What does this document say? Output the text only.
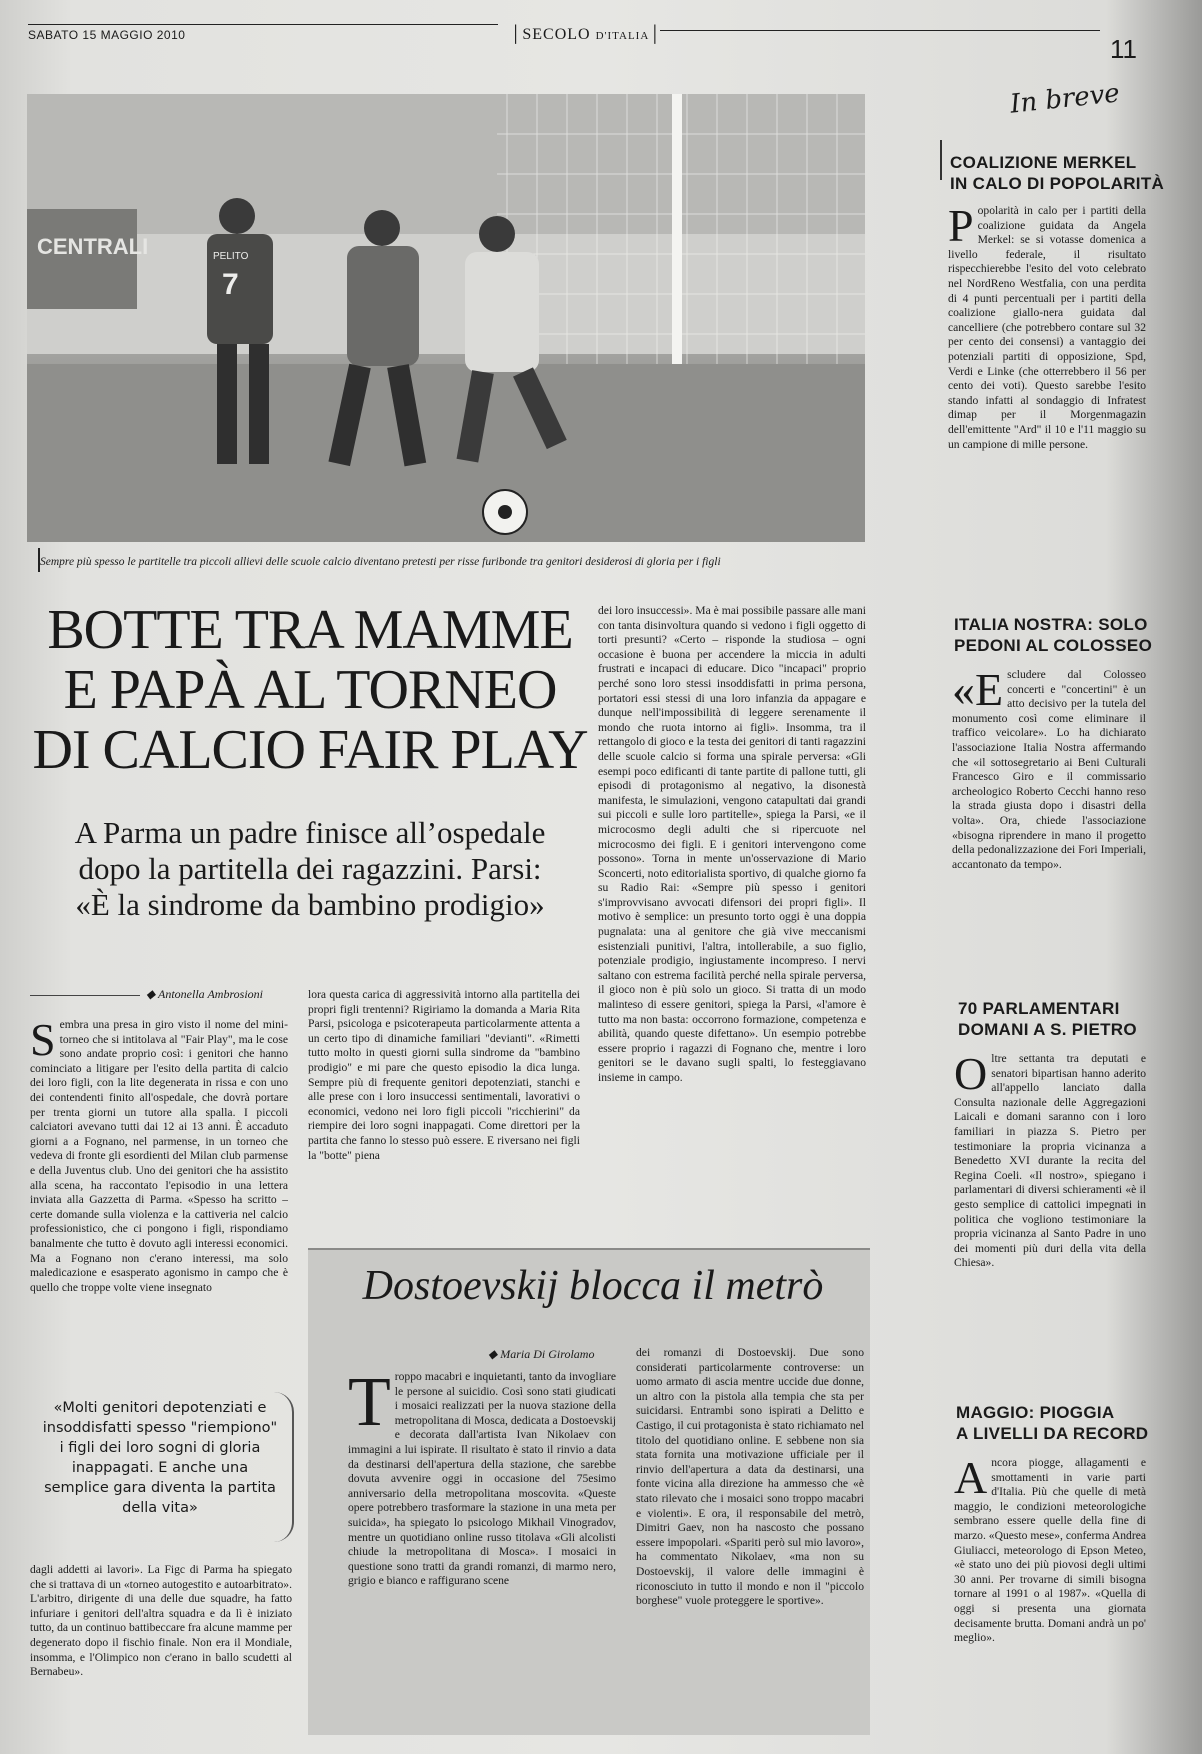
SABATO 15 MAGGIO 2010	│SECOLO D'ITALIA│	11
In breve
CENTRALI
7
PELITO
Sempre più spesso le partitelle tra piccoli allievi delle scuole calcio diventano pretesti per risse furibonde tra genitori desiderosi di gloria per i figli
BOTTE TRA MAMME
E PAPÀ AL TORNEO
DI CALCIO FAIR PLAY
A Parma un padre finisce all’ospedale
dopo la partitella dei ragazzini. Parsi:
«È la sindrome da bambino prodigio»
◆ Antonella Ambrosioni
Sembra una presa in giro visto il nome del mini-torneo che si intitolava al "Fair Play", ma le cose sono andate proprio così: i genitori che hanno cominciato a litigare per l'esito della partita di calcio dei loro figli, con la lite degenerata in rissa e con uno dei contendenti finito all'ospedale, che dovrà portare per trenta giorni un tutore alla spalla. I piccoli calciatori avevano tutti dai 12 ai 13 anni. È accaduto giorni a a Fognano, nel parmense, in un torneo che vedeva di fronte gli esordienti del Milan club parmense e della Juventus club. Uno dei genitori che ha assistito alla scena, ha raccontato l'episodio in una lettera inviata alla Gazzetta di Parma. «Spesso ha scritto – certe domande sulla violenza e la cattiveria nel calcio professionistico, che ci pongono i figli, rispondiamo banalmente che tutto è dovuto agli interessi economici. Ma a Fognano non c'erano interessi, ma solo maledicazione e esasperato agonismo in campo che è quello che troppe volte viene insegnato
«Molti genitori depotenziati e insoddisfatti spesso "riempiono" i figli dei loro sogni di gloria inappagati. E anche una semplice gara diventa la partita della vita»
dagli addetti ai lavori». La Figc di Parma ha spiegato che si trattava di un «torneo autogestito e autoarbitrato». L'arbitro, dirigente di una delle due squadre, ha fatto infuriare i genitori dell'altra squadra e da lì è iniziato tutto, da un continuo battibeccare fra alcune mamme per degenerato dopo il fischio finale. Non era il Mondiale, insomma, e l'Olimpico non c'erano in ballo scudetti al Bernabeu».
lora questa carica di aggressività intorno alla partitella dei propri figli trentenni? Rigiriamo la domanda a Maria Rita Parsi, psicologa e psicoterapeuta particolarmente attenta a un certo tipo di dinamiche familiari "devianti". «Rimetti tutto molto in questi giorni sulla sindrome da "bambino prodigio" e mi pare che questo episodio la dica lunga. Sempre più di frequente genitori depotenziati, stanchi e alle prese con i loro insuccessi sentimentali, lavorativi o economici, vedono nei loro figli piccoli "ricchierini" da riempire dei loro sogni inappagati. Come direttori per la partita che fanno lo stesso può essere. E riversano nei figli la "botte" piena
dei loro insuccessi». Ma è mai possibile passare alle mani con tanta disinvoltura quando si vedono i figli oggetto di torti presunti? «Certo – risponde la studiosa – ogni occasione è buona per accendere la miccia in adulti frustrati e incapaci di educare. Dico "incapaci" proprio perché sono loro stessi insoddisfatti in prima persona, portatori essi stessi di una loro infanzia da appagare e dunque nell'impossibilità di leggere serenamente il mondo che ruota intorno ai figli». Insomma, tra il rettangolo di gioco e la testa dei genitori di tanti ragazzini delle scuole calcio si forma una spirale perversa: «Gli esempi poco edificanti di tante partite di pallone tutti, gli episodi di protagonismo al negativo, la disonestà manifesta, le simulazioni, vengono catapultati dai grandi sui piccoli e sulle loro partitelle», spiega la Parsi, «e il microcosmo degli adulti che si ripercuote nel microcosmo dei figli. E i genitori intervengono come possono». Torna in mente un'osservazione di Mario Sconcerti, noto editorialista sportivo, di qualche giorno fa su Radio Rai: «Sempre più spesso i genitori s'improvvisano avvocati difensori dei propri figli». Il motivo è semplice: un presunto torto oggi è una doppia pugnalata: una al genitore che già vive meccanismi esistenziali punitivi, l'altra, intollerabile, a suo figlio, potenziale prodigio, ingiustamente incompreso. I nervi saltano con estrema facilità perché nella spirale perversa, il gioco non è più solo un gioco. Si tratta di un modo malinteso di essere genitori, spiega la Parsi, «l'amore è tutto ma non basta: occorrono formazione, competenza e abilità, quando queste difettano». Un esempio potrebbe essere proprio i ragazzi di Fognano che, mentre i loro genitori se le davano sugli spalti, lo festeggiavano insieme in campo.
Dostoevskij blocca il metrò
◆ Maria Di Girolamo
Troppo macabri e inquietanti, tanto da invogliare le persone al suicidio. Così sono stati giudicati i mosaici realizzati per la nuova stazione della metropolitana di Mosca, dedicata a Dostoevskij e decorata dall'artista Ivan Nikolaev con immagini a lui ispirate. Il risultato è stato il rinvio a data da destinarsi dell'apertura della stazione, che sarebbe dovuta avvenire oggi in occasione del 75esimo anniversario della metropolitana moscovita. «Queste opere potrebbero trasformare la stazione in una meta per suicida», ha spiegato lo psicologo Mikhail Vinogradov, mentre un quotidiano online russo titolava «Gli alcolisti chiude la metropolitana di Mosca». I mosaici in questione sono tratti da grandi romanzi, di marmo nero, grigio e bianco e raffigurano scene
dei romanzi di Dostoevskij. Due sono considerati particolarmente controverse: un uomo armato di ascia mentre uccide due donne, un altro con la pistola alla tempia che sta per suicidarsi. Entrambi sono ispirati a Delitto e Castigo, il cui protagonista è stato richiamato nel titolo del quotidiano online. E sebbene non sia stata fornita una motivazione ufficiale per il rinvio dell'apertura a data da destinarsi, una fonte vicina alla direzione ha ammesso che «è stato rilevato che i mosaici sono troppo macabri e violenti». E ora, il responsabile del metrò, Dimitri Gaev, non ha nascosto che possano essere impopolari. «Spariti però sul mio lavoro», ha commentato Nikolaev, «ma non su Dostoevskij, il valore delle immagini è riconosciuto in tutto il mondo e non il "piccolo borghese" vuole proteggere le sportive».
COALIZIONE MERKEL
IN CALO DI POPOLARITÀ
Popolarità in calo per i partiti della coalizione guidata da Angela Merkel: se si votasse domenica a livello federale, il risultato rispecchierebbe l'esito del voto celebrato nel NordReno Westfalia, con una perdita di 4 punti percentuali per i partiti della coalizione giallo-nera guidata dal cancelliere (che potrebbero contare sul 32 per cento dei consensi) a vantaggio dei potenziali partiti di opposizione, Spd, Verdi e Linke (che otterrebbero il 56 per cento dei voti). Questo sarebbe l'esito stando infatti al sondaggio di Infratest dimap per il Morgenmagazin dell'emittente "Ard" il 10 e l'11 maggio su un campione di mille persone.
ITALIA NOSTRA: SOLO
PEDONI AL COLOSSEO
«Escludere dal Colosseo concerti e "concertini" è un atto decisivo per la tutela del monumento così come eliminare il traffico veicolare». Lo ha dichiarato l'associazione Italia Nostra affermando che «il sottosegretario ai Beni Culturali Francesco Giro e il commissario archeologico Roberto Cecchi hanno reso la strada giusta dopo i disastri della volta». Ora, chiede l'associazione «bisogna riprendere in mano il progetto della pedonalizzazione dei Fori Imperiali, accantonato da tempo».
70 PARLAMENTARI
DOMANI A S. PIETRO
Oltre settanta tra deputati e senatori bipartisan hanno aderito all'appello lanciato dalla Consulta nazionale delle Aggregazioni Laicali e domani saranno con i loro familiari in piazza S. Pietro per testimoniare la propria vicinanza a Benedetto XVI durante la recita del Regina Coeli. «Il nostro», spiegano i parlamentari di diversi schieramenti «è il gesto semplice di cattolici impegnati in politica che vogliono testimoniare la propria vicinanza al Santo Padre in uno dei momenti più duri della vita della Chiesa».
MAGGIO: PIOGGIA
A LIVELLI DA RECORD
Ancora piogge, allagamenti e smottamenti in varie parti d'Italia. Più che quelle di metà maggio, le condizioni meteorologiche sembrano essere quelle della fine di marzo. «Questo mese», conferma Andrea Giuliacci, meteorologo di Epson Meteo, «è stato uno dei più piovosi degli ultimi 30 anni. Per trovarne di simili bisogna tornare al 1991 o al 1987». «Quella di oggi si presenta una giornata decisamente brutta. Domani andrà un po' meglio».
